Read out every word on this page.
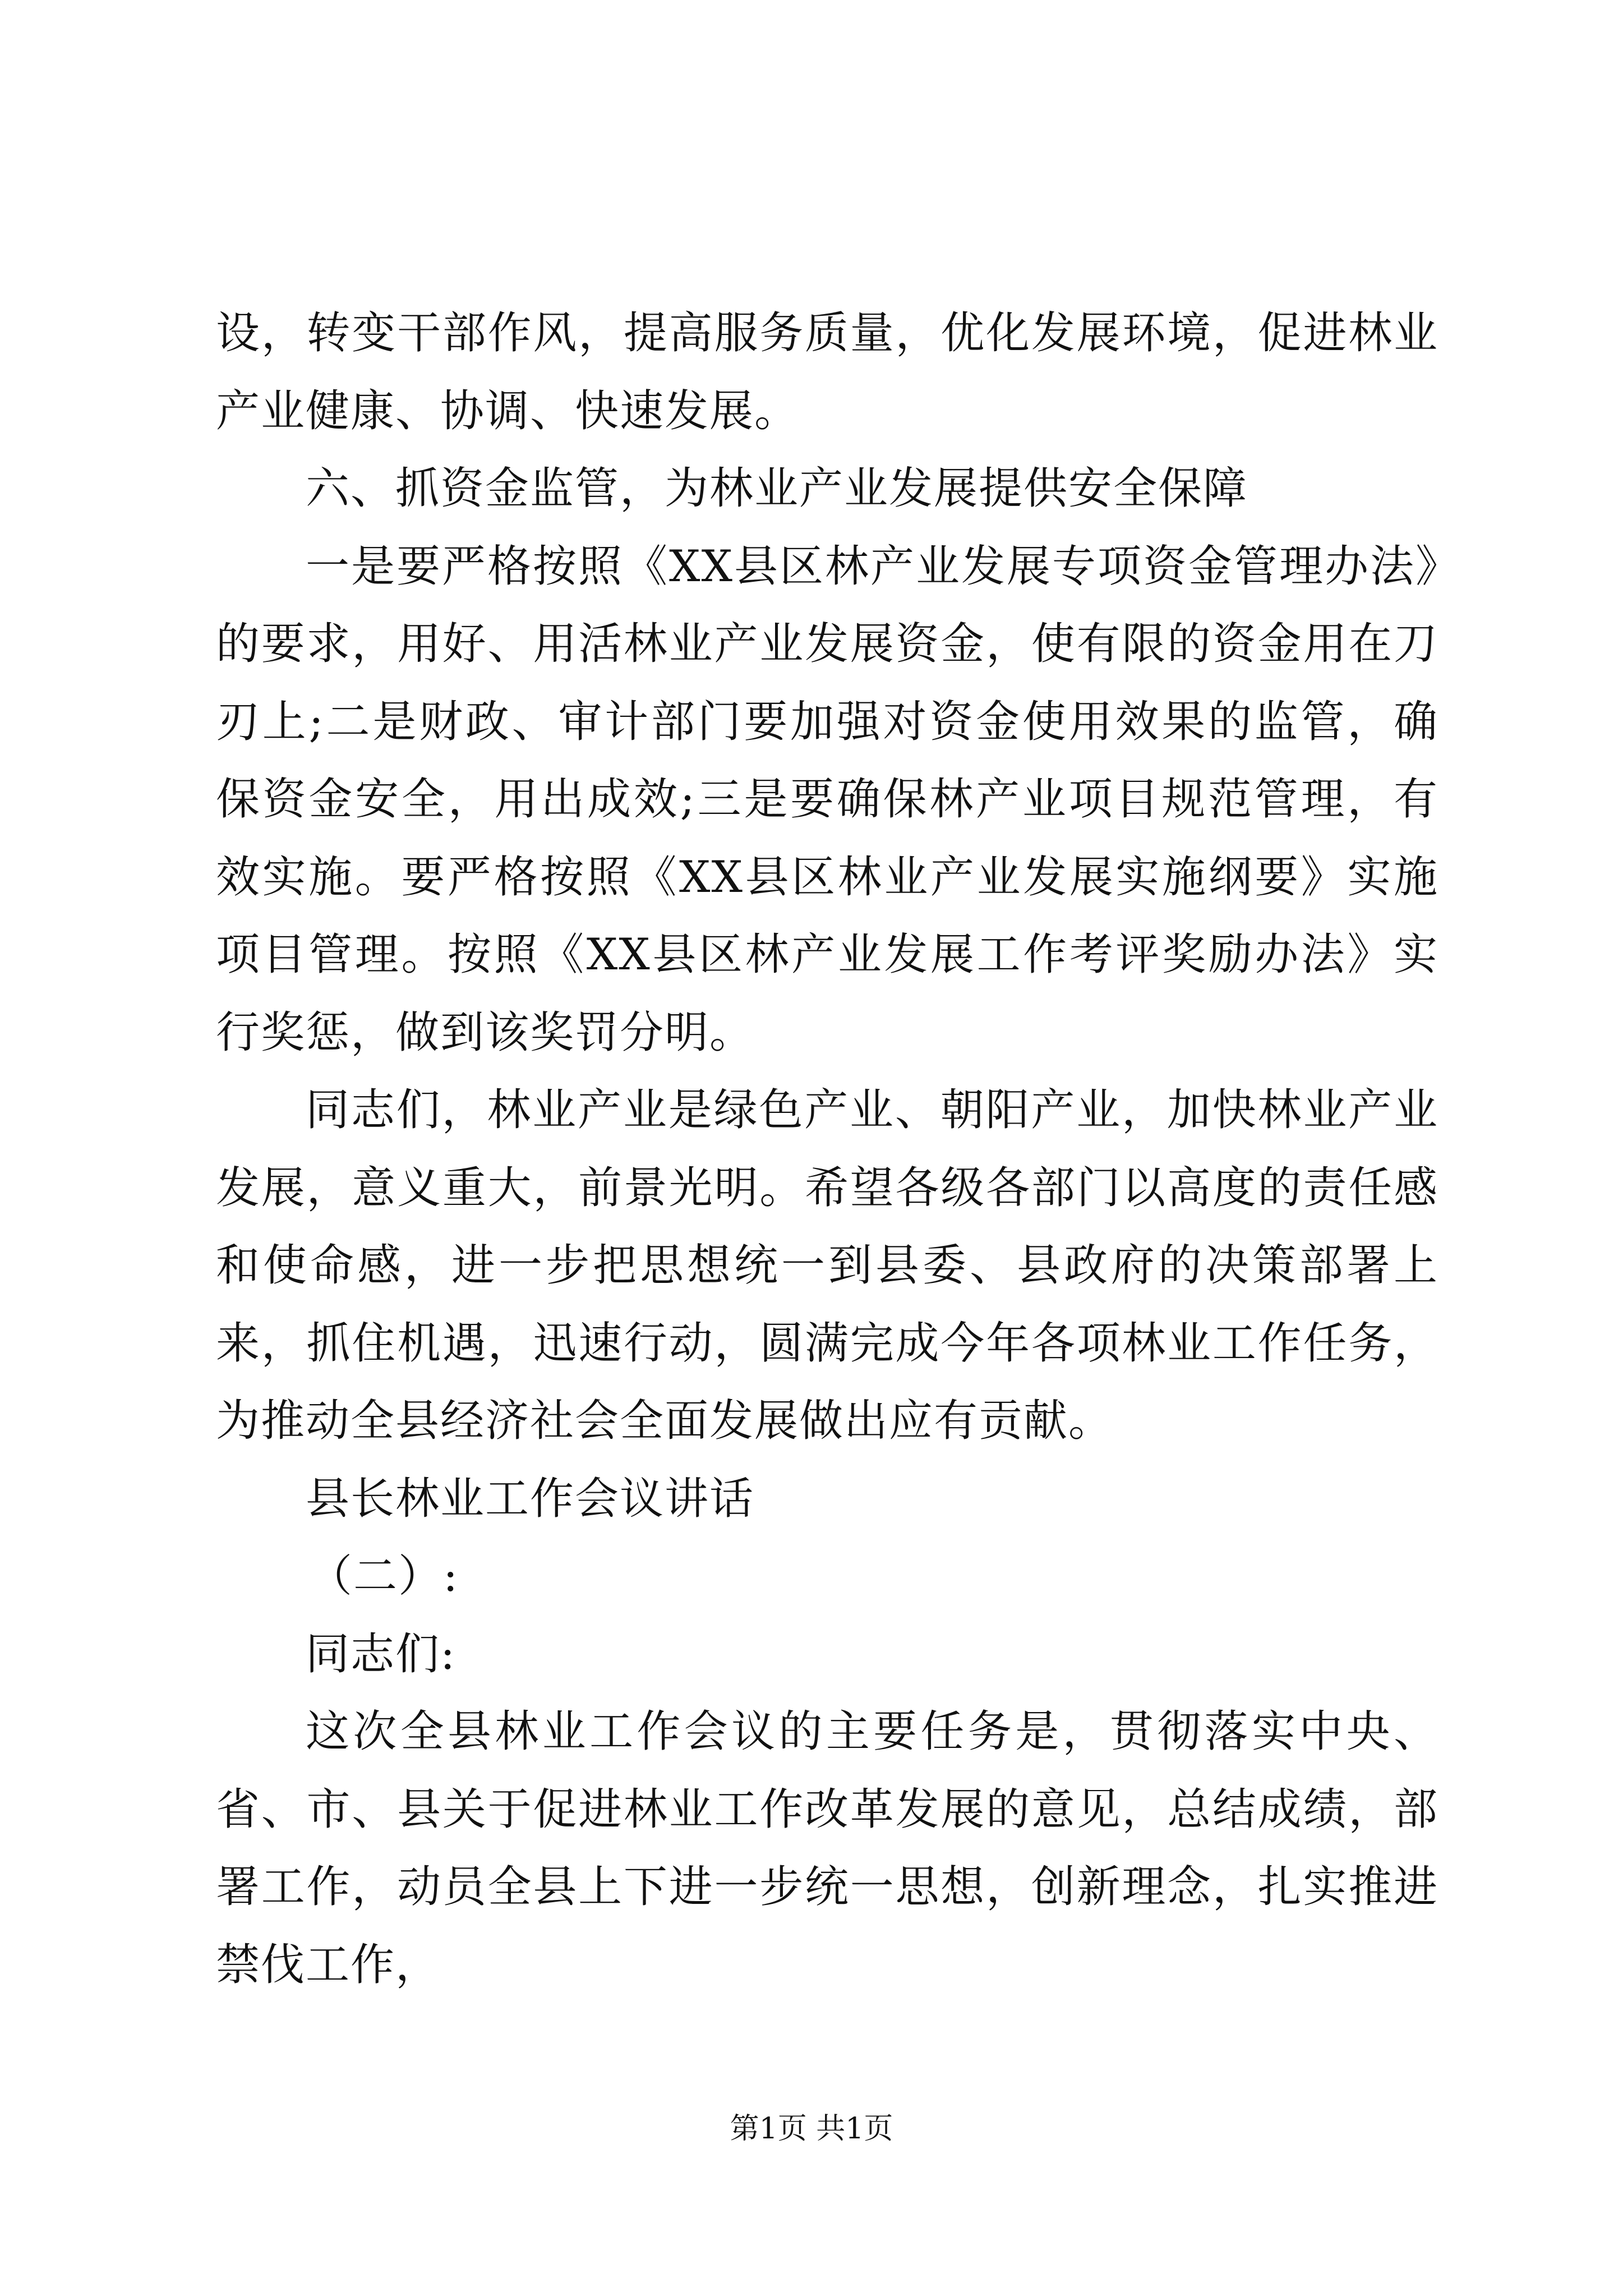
设，转变干部作风，提高服务质量，优化发展环境，促进林业产业健康、协调、快速发展。

六、抓资金监管，为林业产业发展提供安全保障

一是要严格按照《XX县区林产业发展专项资金管理办法》的要求，用好、用活林业产业发展资金，使有限的资金用在刀刃上;二是财政、审计部门要加强对资金使用效果的监管，确保资金安全，用出成效;三是要确保林产业项目规范管理，有效实施。要严格按照《XX县区林业产业发展实施纲要》实施项目管理。按照《XX县区林产业发展工作考评奖励办法》实行奖惩，做到该奖罚分明。

同志们，林业产业是绿色产业、朝阳产业，加快林业产业发展，意义重大，前景光明。希望各级各部门以高度的责任感和使命感，进一步把思想统一到县委、县政府的决策部署上来，抓住机遇，迅速行动，圆满完成今年各项林业工作任务，为推动全县经济社会全面发展做出应有贡献。

县长林业工作会议讲话

（二）:

同志们:

这次全县林业工作会议的主要任务是，贯彻落实中央、省、市、县关于促进林业工作改革发展的意见，总结成绩，部署工作，动员全县上下进一步统一思想，创新理念，扎实推进禁伐工作，

第1页 共1页
